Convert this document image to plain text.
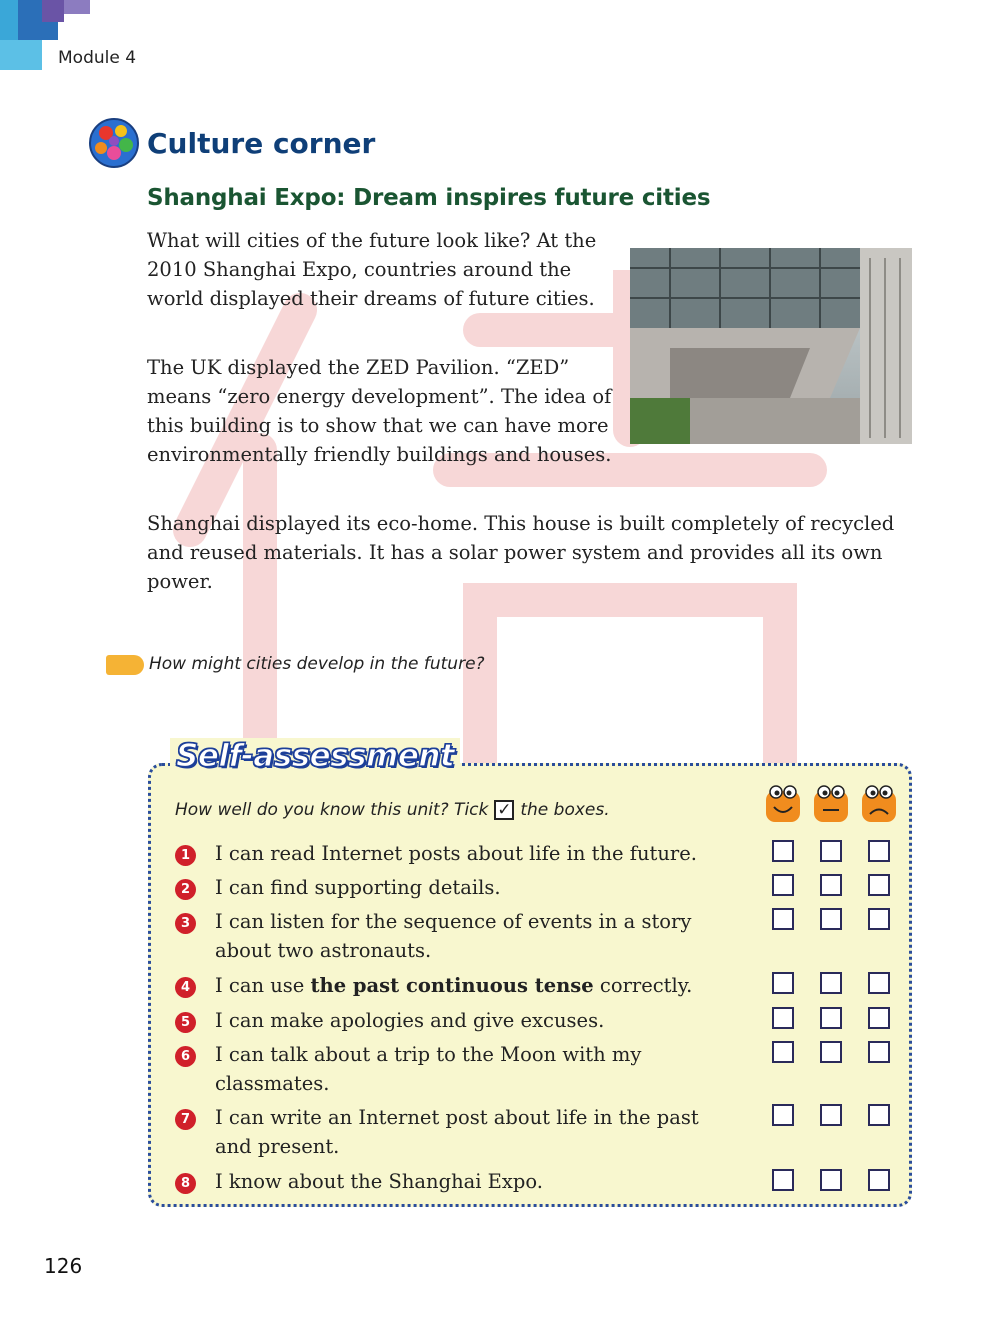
Module 4
Culture corner
Shanghai Expo: Dream inspires future cities

What will cities of the future look like? At the 2010 Shanghai Expo, countries around the world displayed their dreams of future cities.

The UK displayed the ZED Pavilion. “ZED” means “zero energy development”. The idea of this building is to show that we can have more environmentally friendly buildings and houses.

Shanghai displayed its eco-home. This house is built completely of recycled and reused materials. It has a solar power system and provides all its own power.

How might cities develop in the future?
Self-assessment
How well do you know this unit? Tick ✓ the boxes.
1	I can read Internet posts about life in the future.
2	I can find supporting details.
3	I can listen for the sequence of events in a story about two astronauts.
4	I can use the past continuous tense correctly.
5	I can make apologies and give excuses.
6	I can talk about a trip to the Moon with my classmates.
7	I can write an Internet post about life in the past and present.
8	I know about the Shanghai Expo.
126
